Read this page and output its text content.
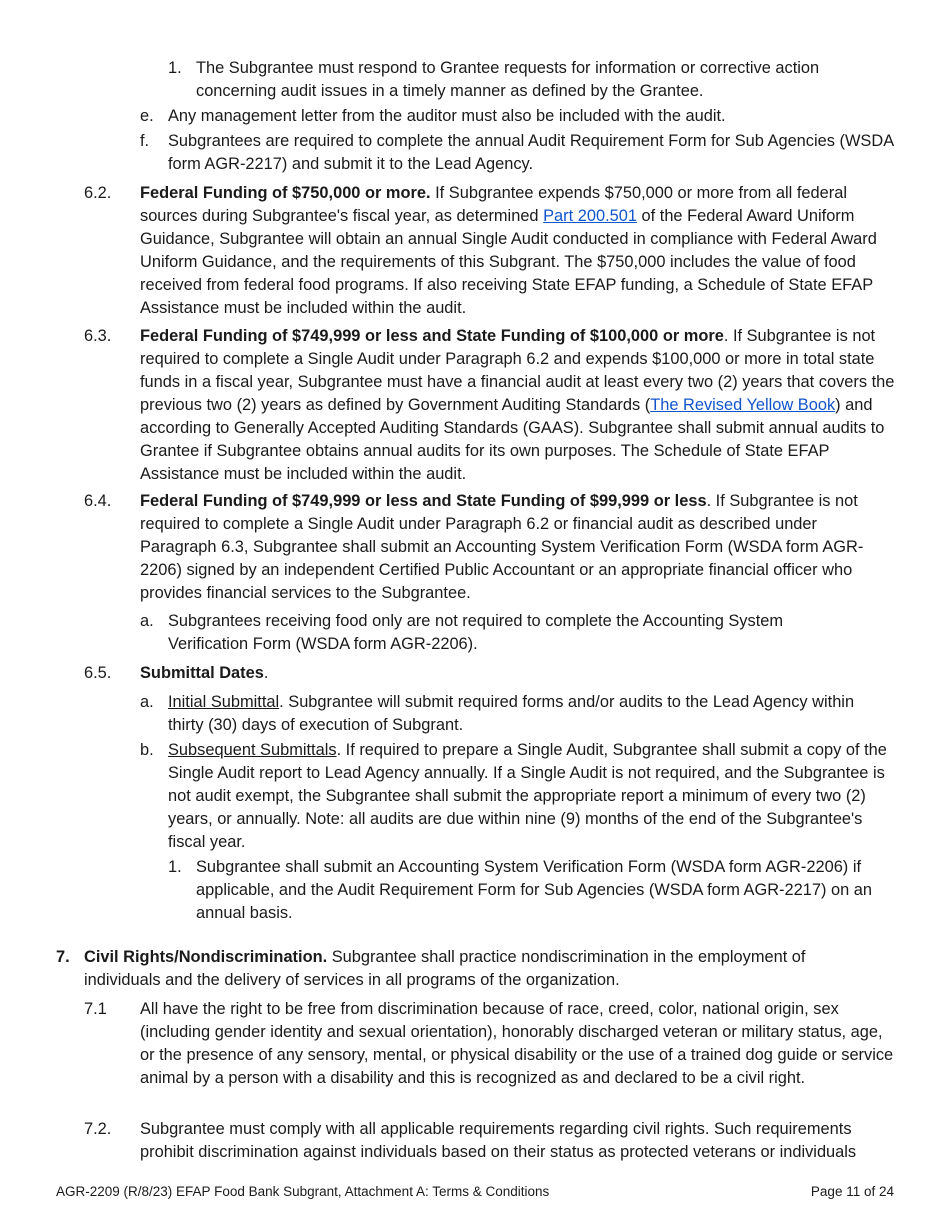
1. The Subgrantee must respond to Grantee requests for information or corrective action concerning audit issues in a timely manner as defined by the Grantee.
e. Any management letter from the auditor must also be included with the audit.
f.	Subgrantees are required to complete the annual Audit Requirement Form for Sub Agencies (WSDA form AGR-2217) and submit it to the Lead Agency.
6.2.	Federal Funding of $750,000 or more. If Subgrantee expends $750,000 or more from all federal sources during Subgrantee's fiscal year, as determined Part 200.501 of the Federal Award Uniform Guidance, Subgrantee will obtain an annual Single Audit conducted in compliance with Federal Award Uniform Guidance, and the requirements of this Subgrant. The $750,000 includes the value of food received from federal food programs. If also receiving State EFAP funding, a Schedule of State EFAP Assistance must be included within the audit.
6.3.	Federal Funding of $749,999 or less and State Funding of $100,000 or more. If Subgrantee is not required to complete a Single Audit under Paragraph 6.2 and expends $100,000 or more in total state funds in a fiscal year, Subgrantee must have a financial audit at least every two (2) years that covers the previous two (2) years as defined by Government Auditing Standards (The Revised Yellow Book) and according to Generally Accepted Auditing Standards (GAAS). Subgrantee shall submit annual audits to Grantee if Subgrantee obtains annual audits for its own purposes. The Schedule of State EFAP Assistance must be included within the audit.
6.4.	Federal Funding of $749,999 or less and State Funding of $99,999 or less. If Subgrantee is not required to complete a Single Audit under Paragraph 6.2 or financial audit as described under Paragraph 6.3, Subgrantee shall submit an Accounting System Verification Form (WSDA form AGR-2206) signed by an independent Certified Public Accountant or an appropriate financial officer who provides financial services to the Subgrantee.
a. Subgrantees receiving food only are not required to complete the Accounting System Verification Form (WSDA form AGR-2206).
6.5.	Submittal Dates.
a. Initial Submittal. Subgrantee will submit required forms and/or audits to the Lead Agency within thirty (30) days of execution of Subgrant.
b. Subsequent Submittals. If required to prepare a Single Audit, Subgrantee shall submit a copy of the Single Audit report to Lead Agency annually. If a Single Audit is not required, and the Subgrantee is not audit exempt, the Subgrantee shall submit the appropriate report a minimum of every two (2) years, or annually. Note: all audits are due within nine (9) months of the end of the Subgrantee's fiscal year.
1. Subgrantee shall submit an Accounting System Verification Form (WSDA form AGR-2206) if applicable, and the Audit Requirement Form for Sub Agencies (WSDA form AGR-2217) on an annual basis.
7. Civil Rights/Nondiscrimination. Subgrantee shall practice nondiscrimination in the employment of individuals and the delivery of services in all programs of the organization.
7.1	All have the right to be free from discrimination because of race, creed, color, national origin, sex (including gender identity and sexual orientation), honorably discharged veteran or military status, age, or the presence of any sensory, mental, or physical disability or the use of a trained dog guide or service animal by a person with a disability and this is recognized as and declared to be a civil right.
7.2.	Subgrantee must comply with all applicable requirements regarding civil rights. Such requirements prohibit discrimination against individuals based on their status as protected veterans or individuals
AGR-2209 (R/8/23) EFAP Food Bank Subgrant, Attachment A: Terms & Conditions	Page 11 of 24
